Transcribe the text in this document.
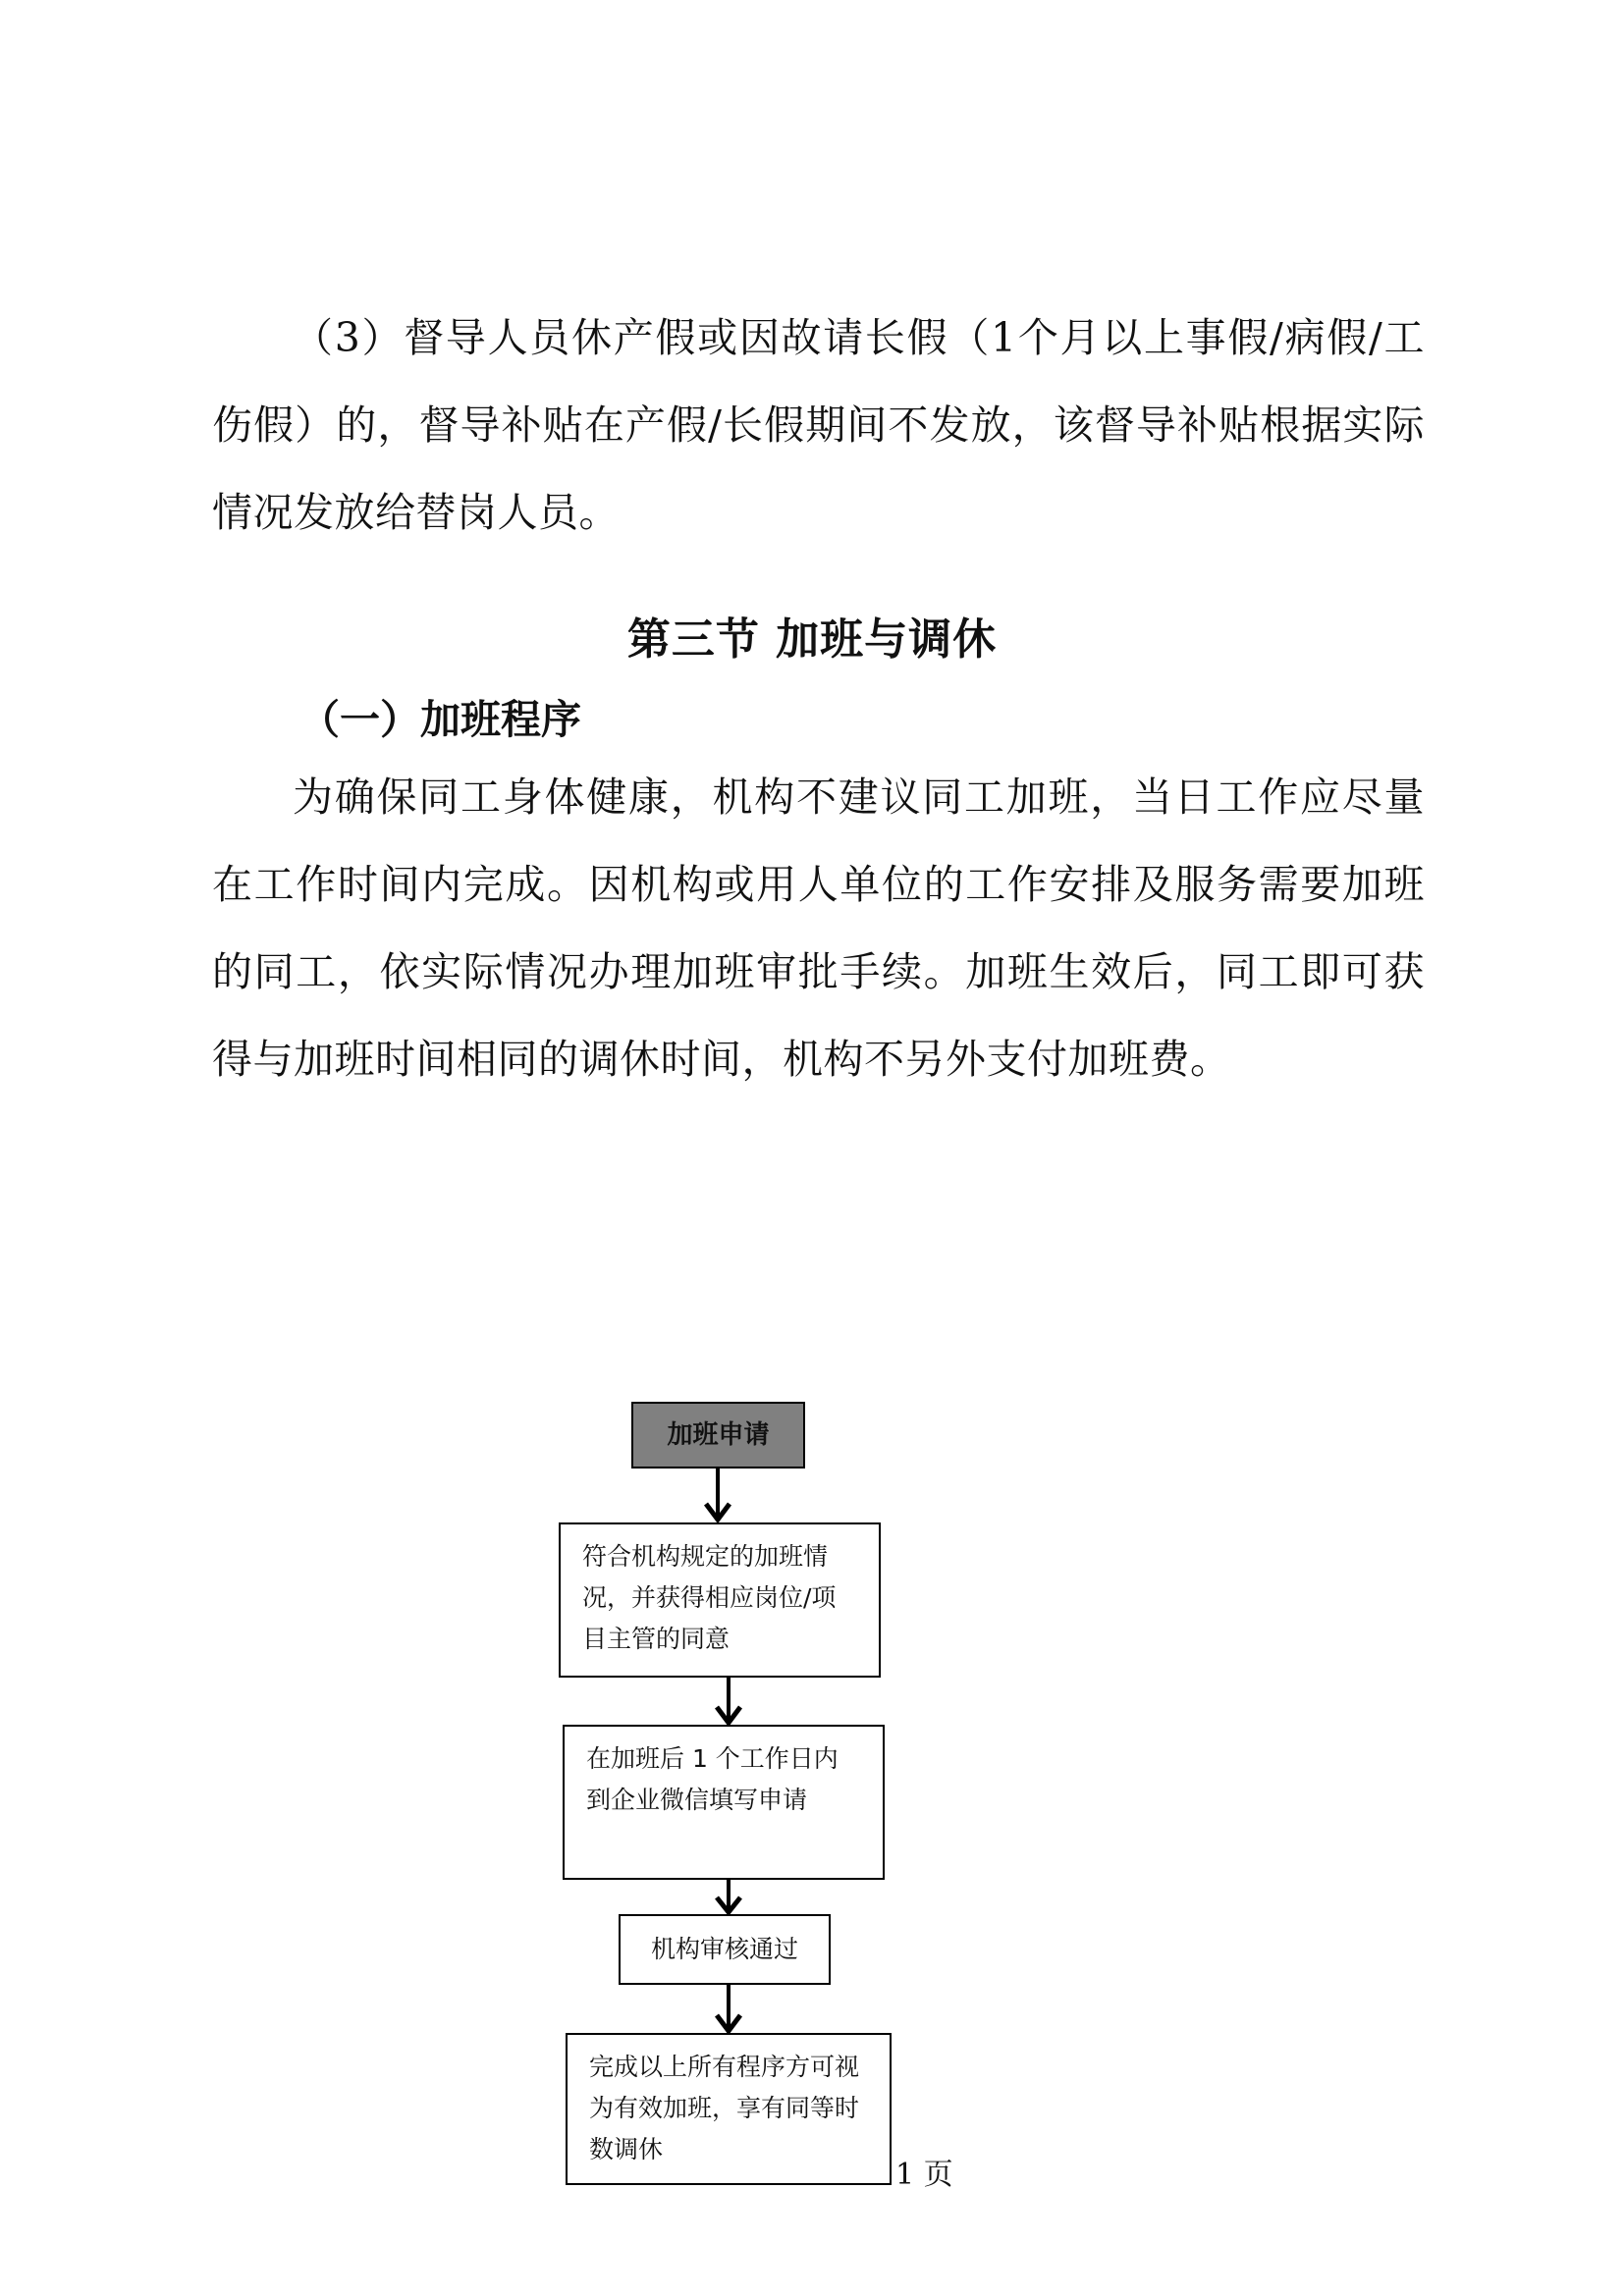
（3）督导人员休产假或因故请长假（1个月以上事假/病假/工伤假）的，督导补贴在产假/长假期间不发放，该督导补贴根据实际情况发放给替岗人员。

第三节 加班与调休
（一）加班程序

为确保同工身体健康，机构不建议同工加班，当日工作应尽量在工作时间内完成。因机构或用人单位的工作安排及服务需要加班的同工，依实际情况办理加班审批手续。加班生效后，同工即可获得与加班时间相同的调休时间，机构不另外支付加班费。

加班申请
符合机构规定的加班情况，并获得相应岗位/项目主管的同意
在加班后 1 个工作日内到企业微信填写申请
机构审核通过
完成以上所有程序方可视为有效加班，享有同等时数调休

1 页
